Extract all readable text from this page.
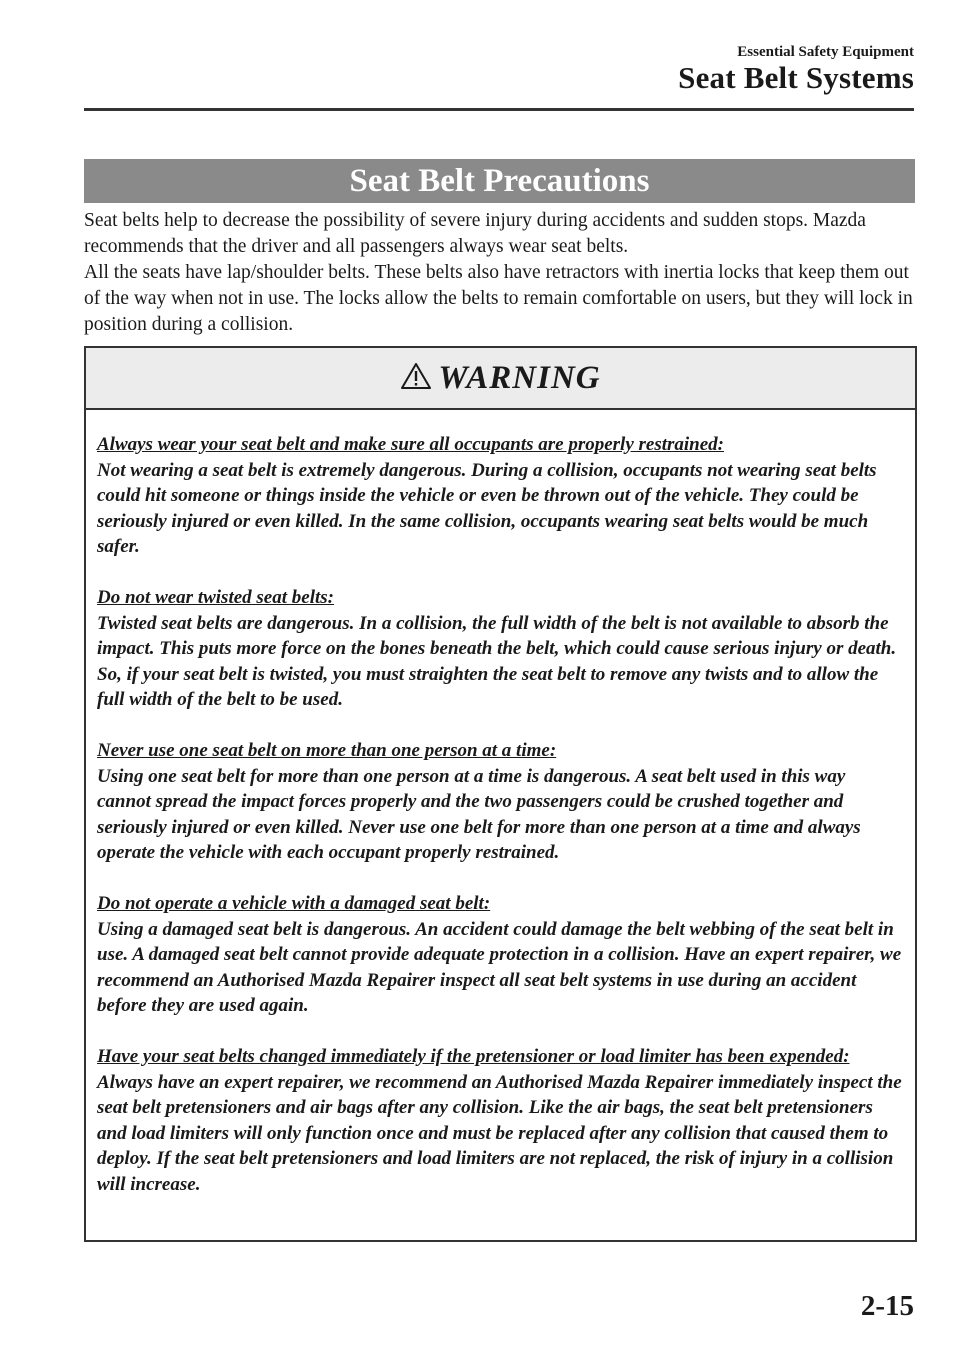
Essential Safety Equipment
Seat Belt Systems
Seat Belt Precautions

Seat belts help to decrease the possibility of severe injury during accidents and sudden stops. Mazda recommends that the driver and all passengers always wear seat belts.

All the seats have lap/shoulder belts. These belts also have retractors with inertia locks that keep them out of the way when not in use. The locks allow the belts to remain comfortable on users, but they will lock in position during a collision.

WARNING
Always wear your seat belt and make sure all occupants are properly restrained:
Not wearing a seat belt is extremely dangerous. During a collision, occupants not wearing seat belts could hit someone or things inside the vehicle or even be thrown out of the vehicle. They could be seriously injured or even killed. In the same collision, occupants wearing seat belts would be much safer.
Do not wear twisted seat belts:
Twisted seat belts are dangerous. In a collision, the full width of the belt is not available to absorb the impact. This puts more force on the bones beneath the belt, which could cause serious injury or death. So, if your seat belt is twisted, you must straighten the seat belt to remove any twists and to allow the full width of the belt to be used.
Never use one seat belt on more than one person at a time:
Using one seat belt for more than one person at a time is dangerous. A seat belt used in this way cannot spread the impact forces properly and the two passengers could be crushed together and seriously injured or even killed. Never use one belt for more than one person at a time and always operate the vehicle with each occupant properly restrained.
Do not operate a vehicle with a damaged seat belt:
Using a damaged seat belt is dangerous. An accident could damage the belt webbing of the seat belt in use. A damaged seat belt cannot provide adequate protection in a collision. Have an expert repairer, we recommend an Authorised Mazda Repairer inspect all seat belt systems in use during an accident before they are used again.
Have your seat belts changed immediately if the pretensioner or load limiter has been expended:
Always have an expert repairer, we recommend an Authorised Mazda Repairer immediately inspect the seat belt pretensioners and air bags after any collision. Like the air bags, the seat belt pretensioners and load limiters will only function once and must be replaced after any collision that caused them to deploy. If the seat belt pretensioners and load limiters are not replaced, the risk of injury in a collision will increase.
2-15
